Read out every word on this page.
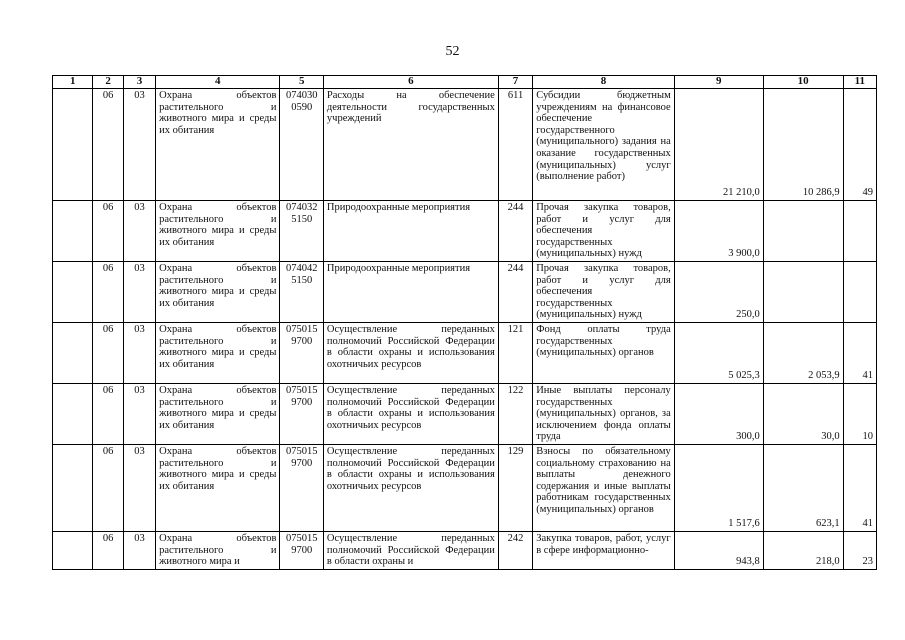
52
1	2	3	4	5	6	7	8	9	10	11
	06	03	Охрана объектов растительного и животного мира и среды их обитания	074030 0590	Расходы на обеспечение деятельности государственных учреждений	611	Субсидии бюджетным учреждениям на финансовое обеспечение государственного (муниципального) задания на оказание государственных (муниципальных) услуг (выполнение работ)	21 210,0	10 286,9	49
	06	03	Охрана объектов растительного и животного мира и среды их обитания	074032 5150	Природоохранные мероприятия	244	Прочая закупка товаров, работ и услуг для обеспечения государственных (муниципальных) нужд	3 900,0		
	06	03	Охрана объектов растительного и животного мира и среды их обитания	074042 5150	Природоохранные мероприятия	244	Прочая закупка товаров, работ и услуг для обеспечения государственных (муниципальных) нужд	250,0		
	06	03	Охрана объектов растительного и животного мира и среды их обитания	075015 9700	Осуществление переданных полномочий Российской Федерации в области охраны и использования охотничьих ресурсов	121	Фонд оплаты труда государственных (муниципальных) органов	5 025,3	2 053,9	41
	06	03	Охрана объектов растительного и животного мира и среды их обитания	075015 9700	Осуществление переданных полномочий Российской Федерации в области охраны и использования охотничьих ресурсов	122	Иные выплаты персоналу государственных (муниципальных) органов, за исключением фонда оплаты труда	300,0	30,0	10
	06	03	Охрана объектов растительного и животного мира и среды их обитания	075015 9700	Осуществление переданных полномочий Российской Федерации в области охраны и использования охотничьих ресурсов	129	Взносы по обязательному социальному страхованию на выплаты денежного содержания и иные выплаты работникам государственных (муниципальных) органов	1 517,6	623,1	41
	06	03	Охрана объектов растительного и животного мира и	075015 9700	Осуществление переданных полномочий Российской Федерации в области охраны и	242	Закупка товаров, работ, услуг в сфере информационно-	943,8	218,0	23
